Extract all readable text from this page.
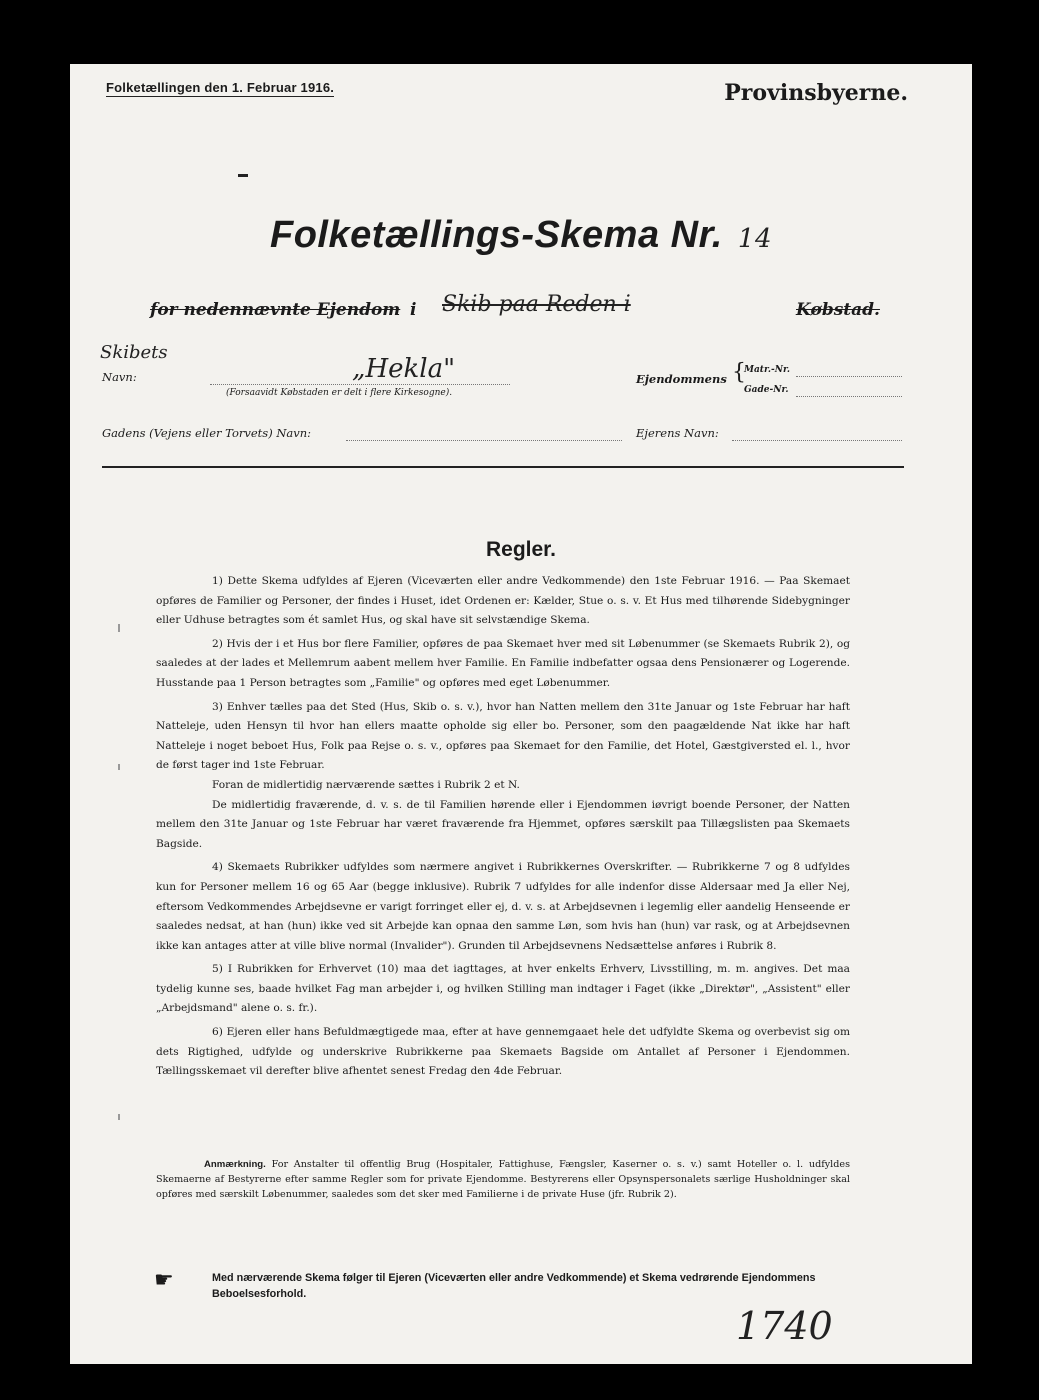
Folketællingen den 1. Februar 1916.	Provinsbyerne.
Folketællings-Skema Nr. 14
for nedennævnte Ejendom i Skib paa Reden i	Købstad.
Skibets
Navn:	„Hekla"
(Forsaavidt Købstaden er delt i flere Kirkesogne).
Ejendommens {
Matr.-Nr.
Gade-Nr.
Gadens (Vejens eller Torvets) Navn:	Ejerens Navn:
Regler.

1) Dette Skema udfyldes af Ejeren (Viceværten eller andre Vedkommende) den 1ste Februar 1916. — Paa Skemaet opføres de Familier og Personer, der findes i Huset, idet Ordenen er: Kælder, Stue o. s. v. Et Hus med tilhørende Sidebygninger eller Udhuse betragtes som ét samlet Hus, og skal have sit selvstændige Skema.

2) Hvis der i et Hus bor flere Familier, opføres de paa Skemaet hver med sit Løbenummer (se Skemaets Rubrik 2), og saaledes at der lades et Mellemrum aabent mellem hver Familie. En Familie indbefatter ogsaa dens Pensionærer og Logerende. Husstande paa 1 Person betragtes som „Familie" og opføres med eget Løbenummer.

3) Enhver tælles paa det Sted (Hus, Skib o. s. v.), hvor han Natten mellem den 31te Januar og 1ste Februar har haft Natteleje, uden Hensyn til hvor han ellers maatte opholde sig eller bo. Personer, som den paagældende Nat ikke har haft Natteleje i noget beboet Hus, Folk paa Rejse o. s. v., opføres paa Skemaet for den Familie, det Hotel, Gæstgiversted el. l., hvor de først tager ind 1ste Februar.

Foran de midlertidig nærværende sættes i Rubrik 2 et N.

De midlertidig fraværende, d. v. s. de til Familien hørende eller i Ejendommen iøvrigt boende Personer, der Natten mellem den 31te Januar og 1ste Februar har været fraværende fra Hjemmet, opføres særskilt paa Tillægslisten paa Skemaets Bagside.

4) Skemaets Rubrikker udfyldes som nærmere angivet i Rubrikkernes Overskrifter. — Rubrikkerne 7 og 8 udfyldes kun for Personer mellem 16 og 65 Aar (begge inklusive). Rubrik 7 udfyldes for alle indenfor disse Aldersaar med Ja eller Nej, eftersom Vedkommendes Arbejdsevne er varigt forringet eller ej, d. v. s. at Arbejdsevnen i legemlig eller aandelig Henseende er saaledes nedsat, at han (hun) ikke ved sit Arbejde kan opnaa den samme Løn, som hvis han (hun) var rask, og at Arbejdsevnen ikke kan antages atter at ville blive normal (Invalider"). Grunden til Arbejdsevnens Nedsættelse anføres i Rubrik 8.

5) I Rubrikken for Erhvervet (10) maa det iagttages, at hver enkelts Erhverv, Livsstilling, m. m. angives. Det maa tydelig kunne ses, baade hvilket Fag man arbejder i, og hvilken Stilling man indtager i Faget (ikke „Direktør", „Assistent" eller „Arbejdsmand" alene o. s. fr.).

6) Ejeren eller hans Befuldmægtigede maa, efter at have gennemgaaet hele det udfyldte Skema og overbevist sig om dets Rigtighed, udfylde og underskrive Rubrikkerne paa Skemaets Bagside om Antallet af Personer i Ejendommen. Tællingsskemaet vil derefter blive afhentet senest Fredag den 4de Februar.

Anmærkning. For Anstalter til offentlig Brug (Hospitaler, Fattighuse, Fængsler, Kaserner o. s. v.) samt Hoteller o. l. udfyldes Skemaerne af Bestyrerne efter samme Regler som for private Ejendomme. Bestyrerens eller Opsynspersonalets særlige Husholdninger skal opføres med særskilt Løbenummer, saaledes som det sker med Familierne i de private Huse (jfr. Rubrik 2).
☛	Med nærværende Skema følger til Ejeren (Viceværten eller andre Vedkommende) et Skema vedrørende Ejendommens Beboelsesforhold.
1740
